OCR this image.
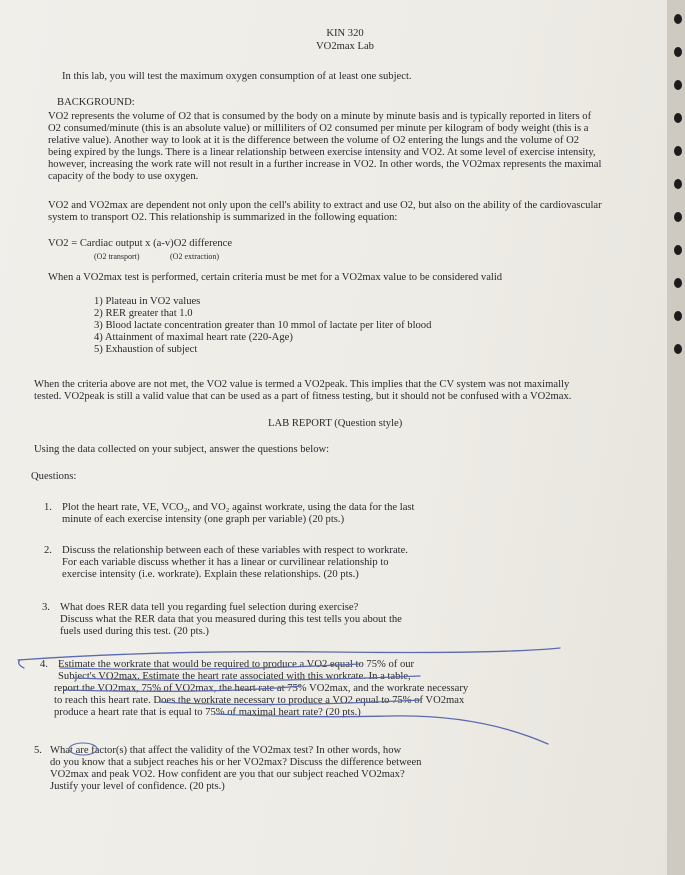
KIN 320
VO2max Lab
In this lab, you will test the maximum oxygen consumption of at least one subject.
BACKGROUND:
VO2 represents the volume of O2 that is consumed by the body on a minute by minute basis and is typically reported in liters of
O2 consumed/minute (this is an absolute value) or milliliters of O2 consumed per minute per kilogram of body weight (this is a
relative value). Another way to look at it is the difference between the volume of O2 entering the lungs and the volume of O2
being expired by the lungs. There is a linear relationship between exercise intensity and VO2. At some level of exercise intensity,
however, increasing the work rate will not result in a further increase in VO2. In other words, the VO2max represents the maximal
capacity of the body to use oxygen.
VO2 and VO2max are dependent not only upon the cell's ability to extract and use O2, but also on the ability of the cardiovascular
system to transport O2. This relationship is summarized in the following equation:
VO2 = Cardiac output x (a-v)O2 difference
(O2 transport)	(O2 extraction)
When a VO2max test is performed, certain criteria must be met for a VO2max value to be considered valid
1) Plateau in VO2 values
2) RER greater that 1.0
3) Blood lactate concentration greater than 10 mmol of lactate per liter of blood
4) Attainment of maximal heart rate (220-Age)
5) Exhaustion of subject
When the criteria above are not met, the VO2 value is termed a VO2peak. This implies that the CV system was not maximally
tested. VO2peak is still a valid value that can be used as a part of fitness testing, but it should not be confused with a VO2max.
LAB REPORT (Question style)
Using the data collected on your subject, answer the questions below:
Questions:
1. Plot the heart rate, VE, VCO₂, and VO₂ against workrate, using the data for the last
minute of each exercise intensity (one graph per variable) (20 pts.)
2. Discuss the relationship between each of these variables with respect to workrate.
For each variable discuss whether it has a linear or curvilinear relationship to
exercise intensity (i.e. workrate). Explain these relationships. (20 pts.)
3. What does RER data tell you regarding fuel selection during exercise?
Discuss what the RER data that you measured during this test tells you about the
fuels used during this test. (20 pts.)
4. Estimate the workrate that would be required to produce a VO2 equal to 75% of our
Subject's VO2max. Estimate the heart rate associated with this workrate. In a table,
report the VO2max, 75% of VO2max, the heart rate at 75% VO2max, and the workrate necessary
to reach this heart rate. Does the workrate necessary to produce a VO2 equal to 75% of VO2max
produce a heart rate that is equal to 75% of maximal heart rate? (20 pts.)
5. What are factor(s) that affect the validity of the VO2max test? In other words, how
do you know that a subject reaches his or her VO2max? Discuss the difference between
VO2max and peak VO2. How confident are you that our subject reached VO2max?
Justify your level of confidence. (20 pts.)
